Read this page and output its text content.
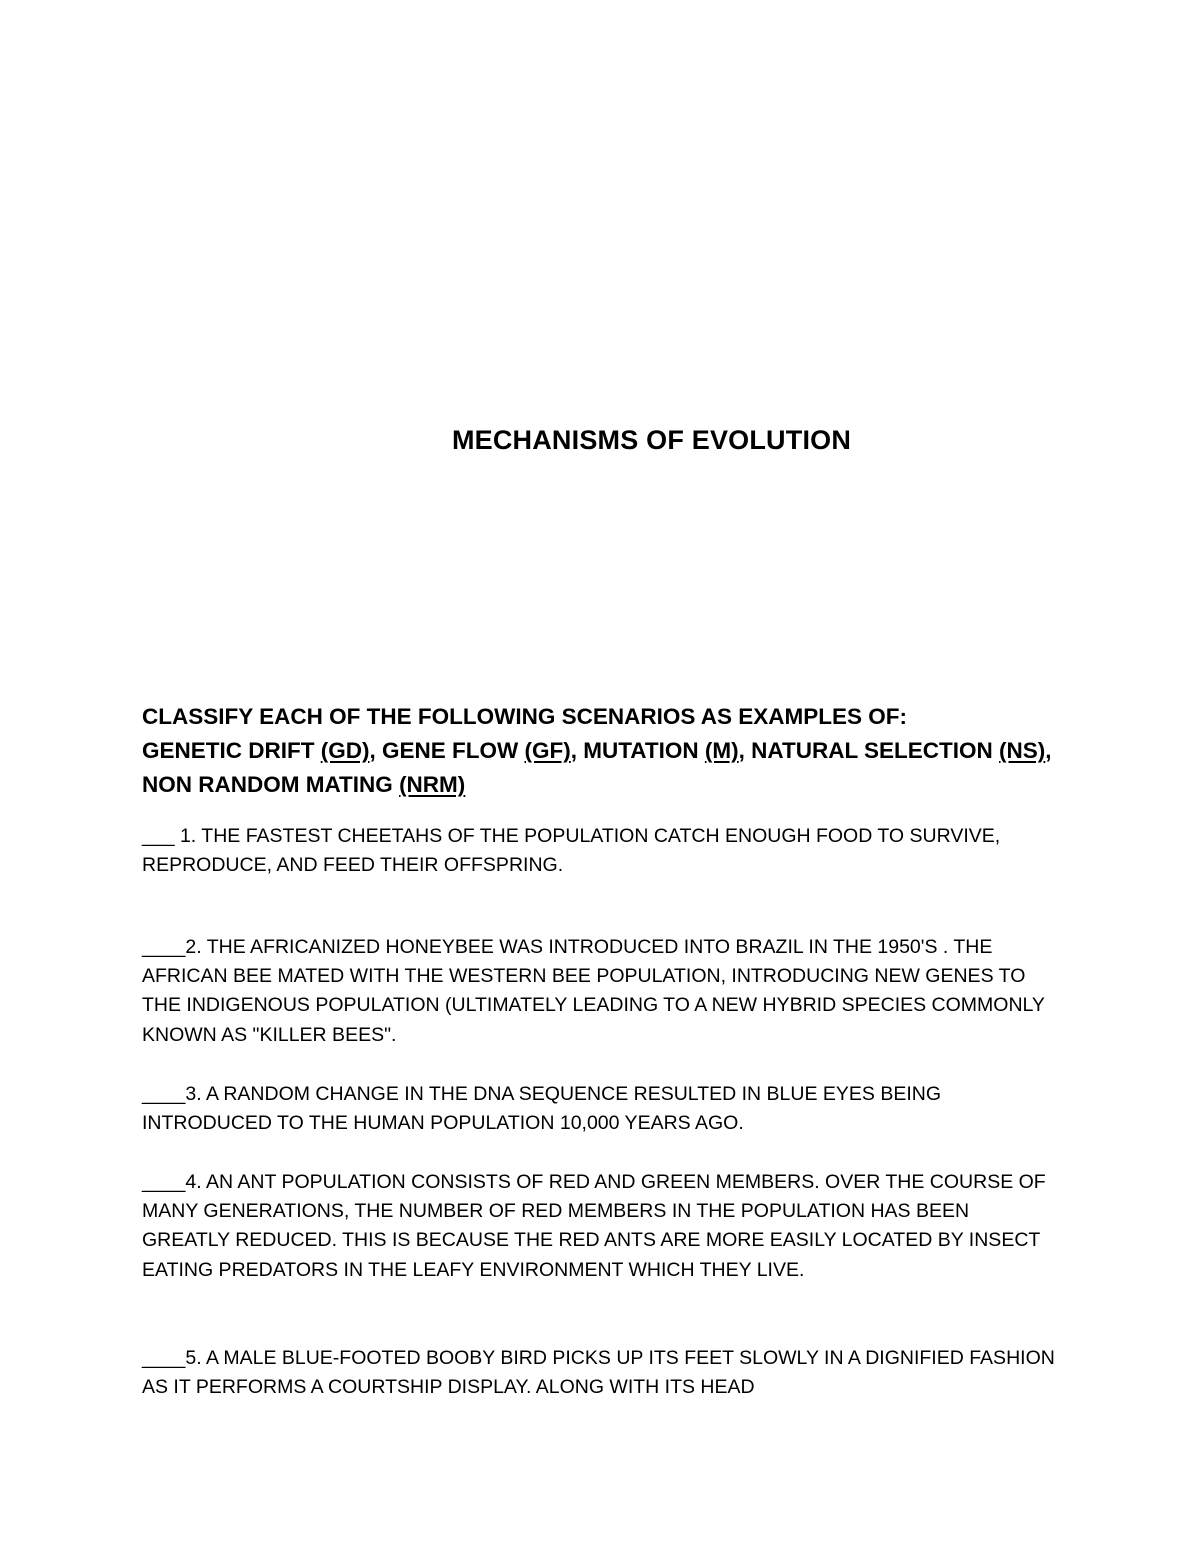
MECHANISMS OF EVOLUTION

CLASSIFY EACH OF THE FOLLOWING SCENARIOS AS EXAMPLES OF:
GENETIC DRIFT (GD), GENE FLOW (GF), MUTATION (M), NATURAL SELECTION (NS), NON RANDOM MATING (NRM)

___ 1. THE FASTEST CHEETAHS OF THE POPULATION CATCH ENOUGH FOOD TO SURVIVE, REPRODUCE, AND FEED THEIR OFFSPRING.

____2. THE AFRICANIZED HONEYBEE WAS INTRODUCED INTO BRAZIL IN THE 1950'S . THE AFRICAN BEE MATED WITH THE WESTERN BEE POPULATION, INTRODUCING NEW GENES TO THE INDIGENOUS POPULATION (ULTIMATELY LEADING TO A NEW HYBRID SPECIES COMMONLY KNOWN AS "KILLER BEES".

____3. A RANDOM CHANGE IN THE DNA SEQUENCE RESULTED IN BLUE EYES BEING INTRODUCED TO THE HUMAN POPULATION 10,000 YEARS AGO.

____4. AN ANT POPULATION CONSISTS OF RED AND GREEN MEMBERS. OVER THE COURSE OF MANY GENERATIONS, THE NUMBER OF RED MEMBERS IN THE POPULATION HAS BEEN GREATLY REDUCED. THIS IS BECAUSE THE RED ANTS ARE MORE EASILY LOCATED BY INSECT EATING PREDATORS IN THE LEAFY ENVIRONMENT WHICH THEY LIVE.

____5. A MALE BLUE-FOOTED BOOBY BIRD PICKS UP ITS FEET SLOWLY IN A DIGNIFIED FASHION AS IT PERFORMS A COURTSHIP DISPLAY. ALONG WITH ITS HEAD
